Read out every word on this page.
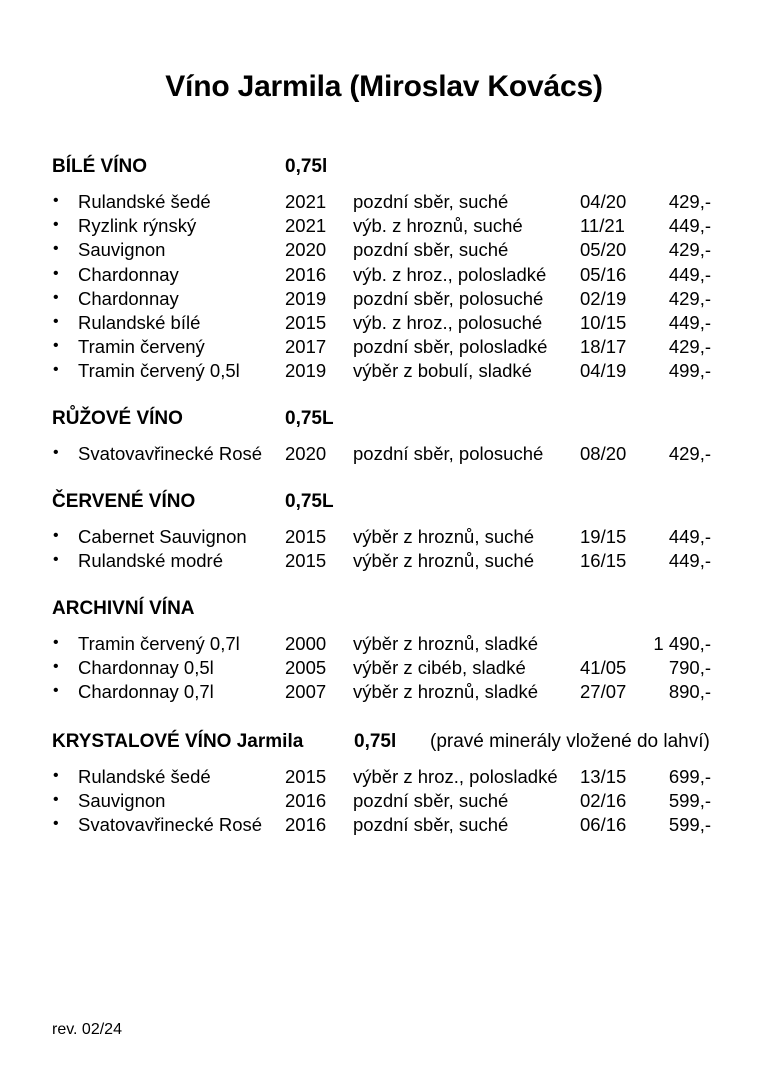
Víno Jarmila (Miroslav Kovács)
BÍLÉ VÍNO	0,75l
• Rulandské šedé	2021 pozdní sběr, suché	04/20 429,-
• Ryzlink rýnský	2021 výb. z hroznů, suché	11/21 449,-
• Sauvignon	2020 pozdní sběr, suché	05/20 429,-
• Chardonnay	2016 výb. z hroz., polosladké 05/16 449,-
• Chardonnay	2019 pozdní sběr, polosuché 02/19 429,-
• Rulandské bílé	2015 výb. z hroz., polosuché 10/15 449,-
• Tramin červený	2017 pozdní sběr, polosladké 18/17 429,-
• Tramin červený 0,5l 2019 výběr z bobulí, sladké	04/19 499,-
RŮŽOVÉ VÍNO	0,75L
• Svatovavřinecké Rosé 2020 pozdní sběr, polosuché 08/20 429,-
ČERVENÉ VÍNO	0,75L
• Cabernet Sauvignon 2015 výběr z hroznů, suché 19/15 449,-
• Rulandské modré	2015 výběr z hroznů, suché 16/15 449,-
ARCHIVNÍ VÍNA
• Tramin červený 0,7l 2000 výběr z hroznů, sladké	1 490,-
• Chardonnay 0,5l	2005 výběr z cibéb, sladké	41/05 790,-
• Chardonnay 0,7l	2007 výběr z hroznů, sladké 27/07 890,-
KRYSTALOVÉ VÍNO Jarmila	0,75l (pravé minerály vložené do lahví)
• Rulandské šedé	2015 výběr z hroz., polosladké 13/15 699,-
• Sauvignon	2016 pozdní sběr, suché	02/16 599,-
• Svatovavřinecké Rosé 2016 pozdní sběr, suché	06/16 599,-
rev. 02/24
